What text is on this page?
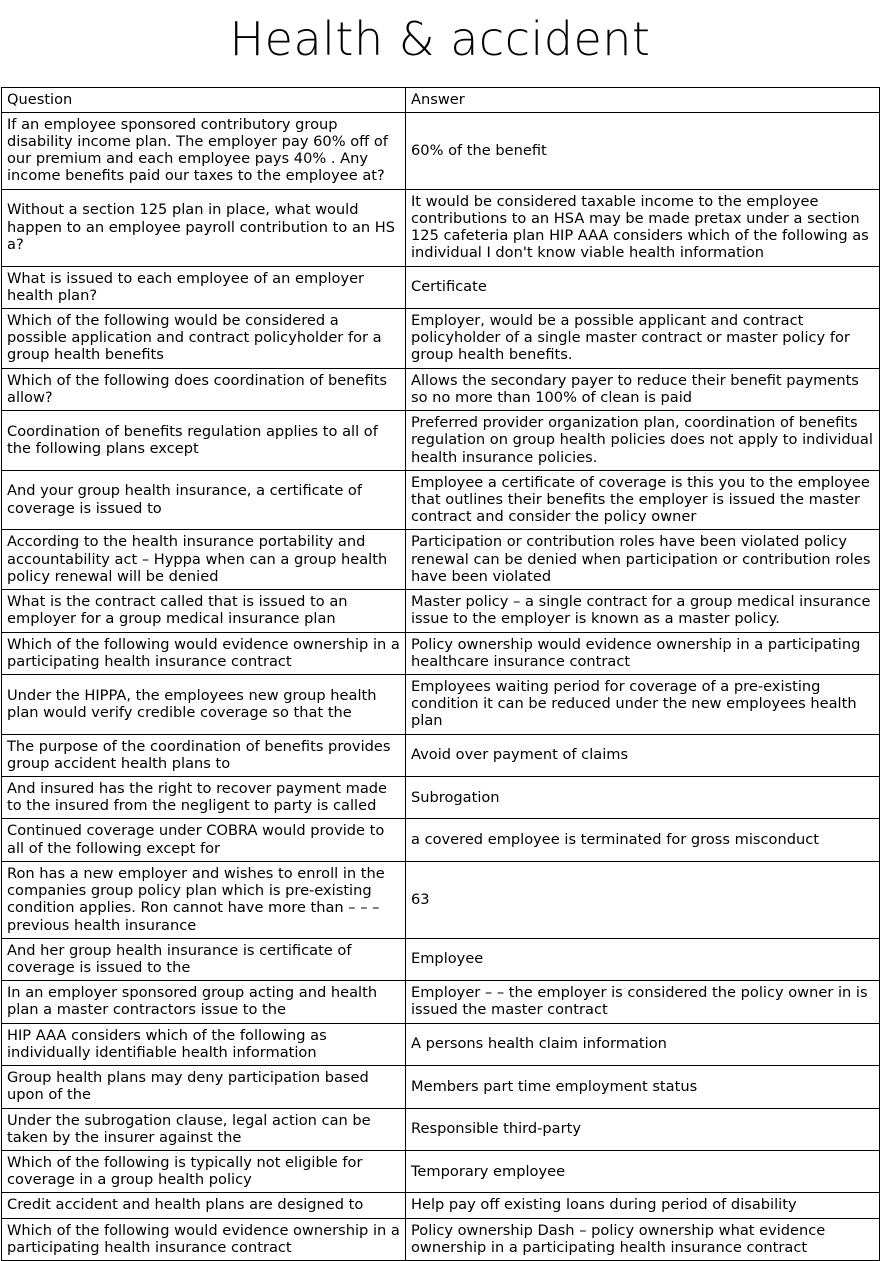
Health & accident
Question	Answer
If an employee sponsored contributory group disability income plan. The employer pay 60% off of our premium and each employee pays 40% . Any income benefits paid our taxes to the employee at?	60% of the benefit
Without a section 125 plan in place, what would happen to an employee payroll contribution to an HS a?	It would be considered taxable income to the employee contributions to an HSA may be made pretax under a section 125 cafeteria plan HIP AAA considers which of the following as individual I don't know viable health information
What is issued to each employee of an employer health plan?	Certificate
Which of the following would be considered a possible application and contract policyholder for a group health benefits	Employer, would be a possible applicant and contract policyholder of a single master contract or master policy for group health benefits.
Which of the following does coordination of benefits allow?	Allows the secondary payer to reduce their benefit payments so no more than 100% of clean is paid
Coordination of benefits regulation applies to all of the following plans except	Preferred provider organization plan, coordination of benefits regulation on group health policies does not apply to individual health insurance policies.
And your group health insurance, a certificate of coverage is issued to	Employee a certificate of coverage is this you to the employee that outlines their benefits the employer is issued the master contract and consider the policy owner
According to the health insurance portability and accountability act – Hyppa when can a group health policy renewal will be denied	Participation or contribution roles have been violated policy renewal can be denied when participation or contribution roles have been violated
What is the contract called that is issued to an employer for a group medical insurance plan	Master policy – a single contract for a group medical insurance issue to the employer is known as a master policy.
Which of the following would evidence ownership in a participating health insurance contract	Policy ownership would evidence ownership in a participating healthcare insurance contract
Under the HIPPA, the employees new group health plan would verify credible coverage so that the	Employees waiting period for coverage of a pre-existing condition it can be reduced under the new employees health plan
The purpose of the coordination of benefits provides group accident health plans to	Avoid over payment of claims
And insured has the right to recover payment made to the insured from the negligent to party is called	Subrogation
Continued coverage under COBRA would provide to all of the following except for	a covered employee is terminated for gross misconduct
Ron has a new employer and wishes to enroll in the companies group policy plan which is pre-existing condition applies. Ron cannot have more than – – – previous health insurance	63
And her group health insurance is certificate of coverage is issued to the	Employee
In an employer sponsored group acting and health plan a master contractors issue to the	Employer – – the employer is considered the policy owner in is issued the master contract
HIP AAA considers which of the following as individually identifiable health information	A persons health claim information
Group health plans may deny participation based upon of the	Members part time employment status
Under the subrogation clause, legal action can be taken by the insurer against the	Responsible third-party
Which of the following is typically not eligible for coverage in a group health policy	Temporary employee
Credit accident and health plans are designed to	Help pay off existing loans during period of disability
Which of the following would evidence ownership in a participating health insurance contract	Policy ownership Dash – policy ownership what evidence ownership in a participating health insurance contract
